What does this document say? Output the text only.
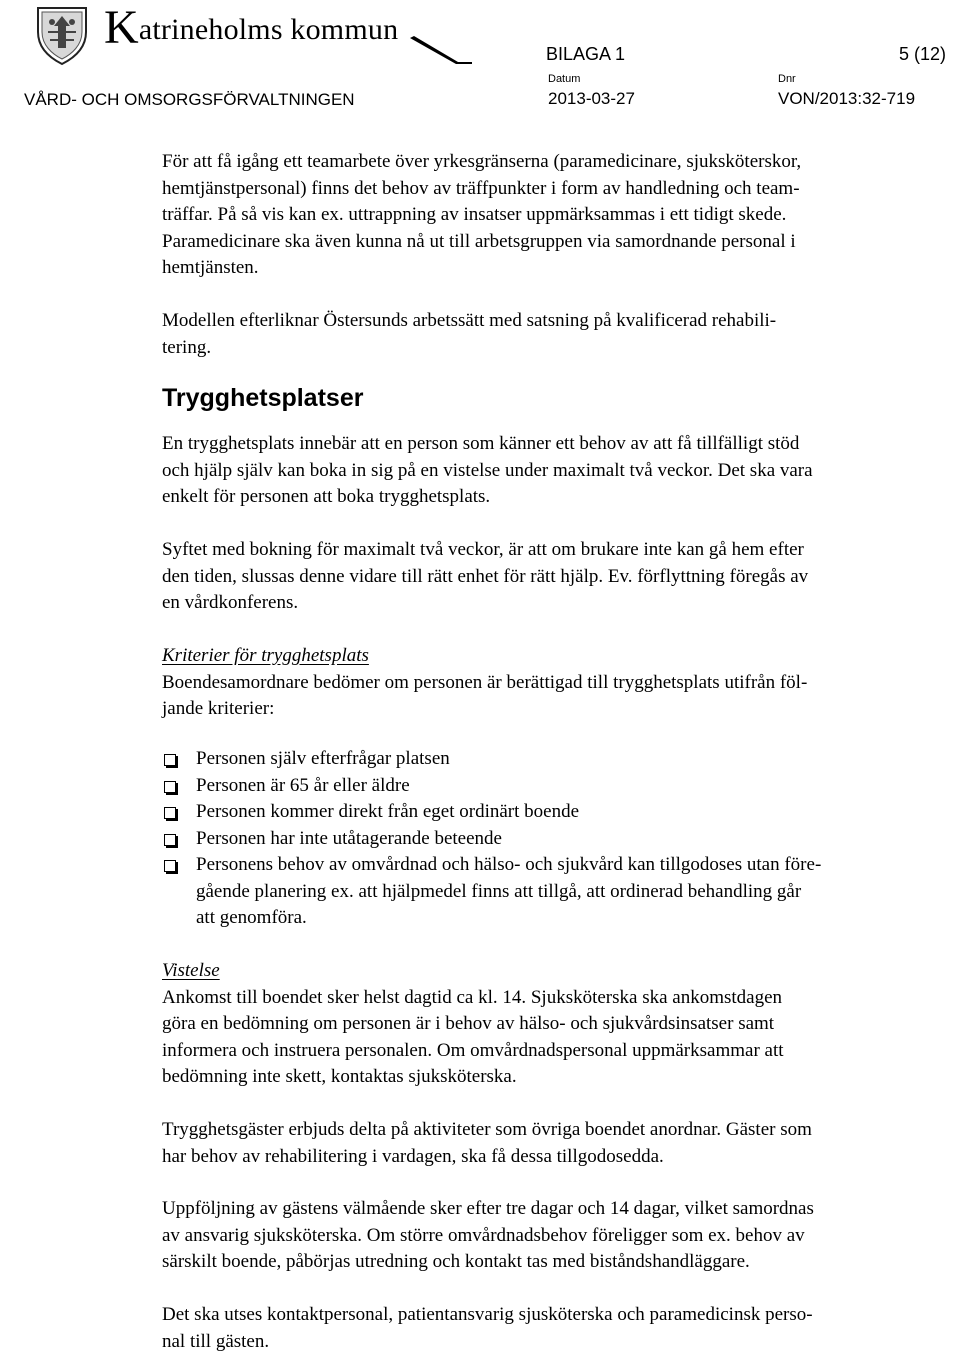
Katrineholms kommun
BILAGA 1	5 (12)
VÅRD- OCH OMSORGSFÖRVALTNINGEN
Datum
2013-03-27
Dnr
VON/2013:32-719
För att få igång ett teamarbete över yrkesgränserna (paramedicinare, sjuksköterskor,
hemtjänstpersonal) finns det behov av träffpunkter i form av handledning och team-
träffar. På så vis kan ex. uttrappning av insatser uppmärksammas i ett tidigt skede.
Paramedicinare ska även kunna nå ut till arbetsgruppen via samordnande personal i
hemtjänsten.
Modellen efterliknar Östersunds arbetssätt med satsning på kvalificerad rehabili-
tering.
Trygghetsplatser
En trygghetsplats innebär att en person som känner ett behov av att få tillfälligt stöd
och hjälp själv kan boka in sig på en vistelse under maximalt två veckor. Det ska vara
enkelt för personen att boka trygghetsplats.
Syftet med bokning för maximalt två veckor, är att om brukare inte kan gå hem efter
den tiden, slussas denne vidare till rätt enhet för rätt hjälp. Ev. förflyttning föregås av
en vårdkonferens.
Kriterier för trygghetsplats
Boendesamordnare bedömer om personen är berättigad till trygghetsplats utifrån föl-
jande kriterier:
Personen själv efterfrågar platsen
Personen är 65 år eller äldre
Personen kommer direkt från eget ordinärt boende
Personen har inte utåtagerande beteende
Personens behov av omvårdnad och hälso- och sjukvård kan tillgodoses utan före-
gående planering ex. att hjälpmedel finns att tillgå, att ordinerad behandling går
att genomföra.
Vistelse
Ankomst till boendet sker helst dagtid ca kl. 14. Sjuksköterska ska ankomstdagen
göra en bedömning om personen är i behov av hälso- och sjukvårdsinsatser samt
informera och instruera personalen. Om omvårdnadspersonal uppmärksammar att
bedömning inte skett, kontaktas sjuksköterska.
Trygghetsgäster erbjuds delta på aktiviteter som övriga boendet anordnar. Gäster som
har behov av rehabilitering i vardagen, ska få dessa tillgodosedda.
Uppföljning av gästens välmående sker efter tre dagar och 14 dagar, vilket samordnas
av ansvarig sjuksköterska. Om större omvårdnadsbehov föreligger som ex. behov av
särskilt boende, påbörjas utredning och kontakt tas med biståndshandläggare.
Det ska utses kontaktpersonal, patientansvarig sjusköterska och paramedicinsk perso-
nal till gästen.
